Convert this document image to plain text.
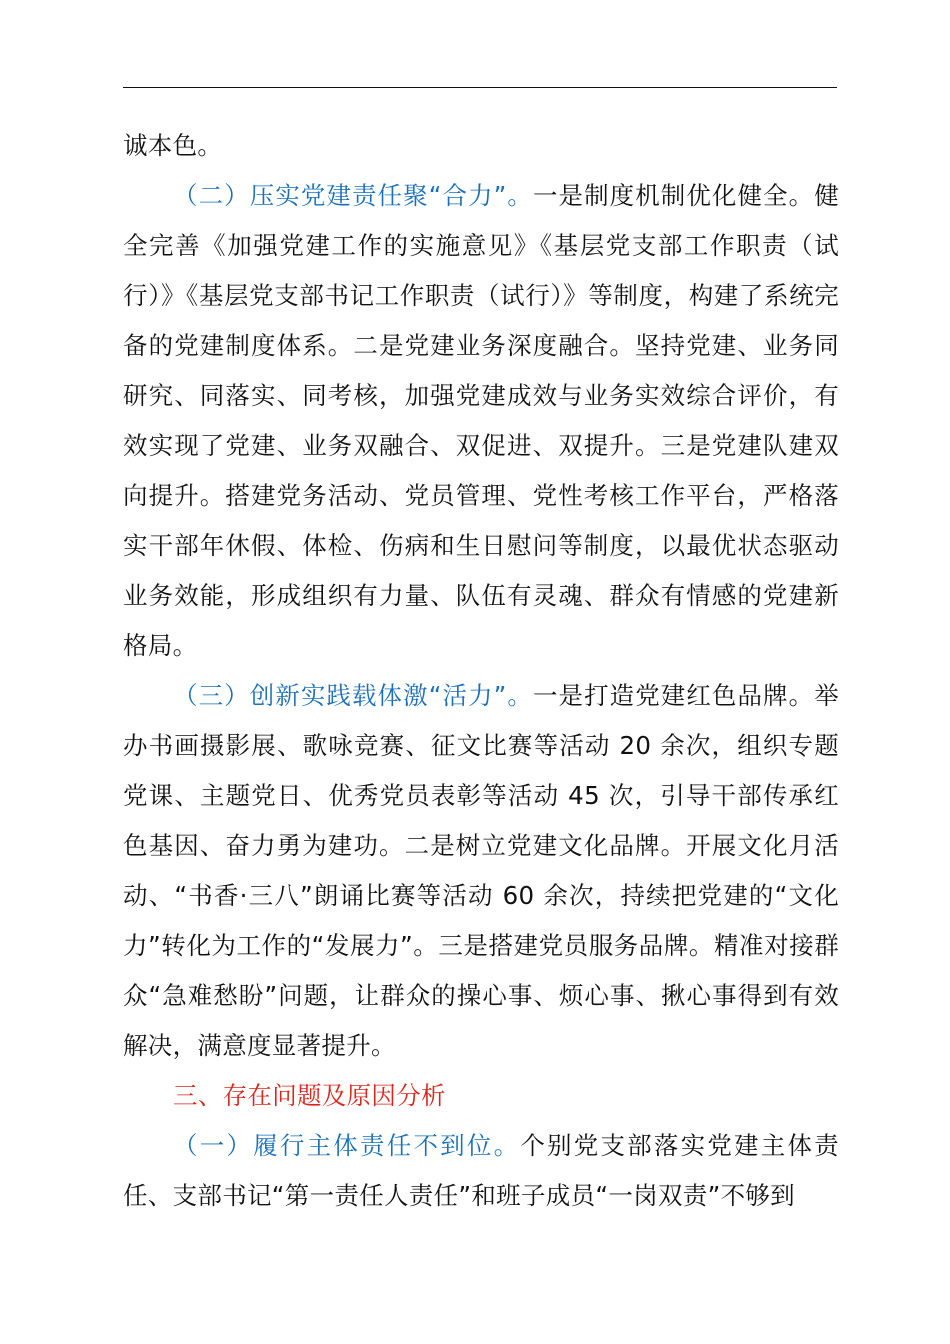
诚本色。

（二）压实党建责任聚“合力”。一是制度机制优化健全。健全完善《加强党建工作的实施意见》《基层党支部工作职责（试行）》《基层党支部书记工作职责（试行）》等制度，构建了系统完备的党建制度体系。二是党建业务深度融合。坚持党建、业务同研究、同落实、同考核，加强党建成效与业务实效综合评价，有效实现了党建、业务双融合、双促进、双提升。三是党建队建双向提升。搭建党务活动、党员管理、党性考核工作平台，严格落实干部年休假、体检、伤病和生日慰问等制度，以最优状态驱动业务效能，形成组织有力量、队伍有灵魂、群众有情感的党建新格局。

（三）创新实践载体激“活力”。一是打造党建红色品牌。举办书画摄影展、歌咏竞赛、征文比赛等活动 20 余次，组织专题党课、主题党日、优秀党员表彰等活动 45 次，引导干部传承红色基因、奋力勇为建功。二是树立党建文化品牌。开展文化月活动、“书香·三八”朗诵比赛等活动 60 余次，持续把党建的“文化力”转化为工作的“发展力”。三是搭建党员服务品牌。精准对接群众“急难愁盼”问题，让群众的操心事、烦心事、揪心事得到有效解决，满意度显著提升。

三、存在问题及原因分析

（一）履行主体责任不到位。个别党支部落实党建主体责任、支部书记“第一责任人责任”和班子成员“一岗双责”不够到
